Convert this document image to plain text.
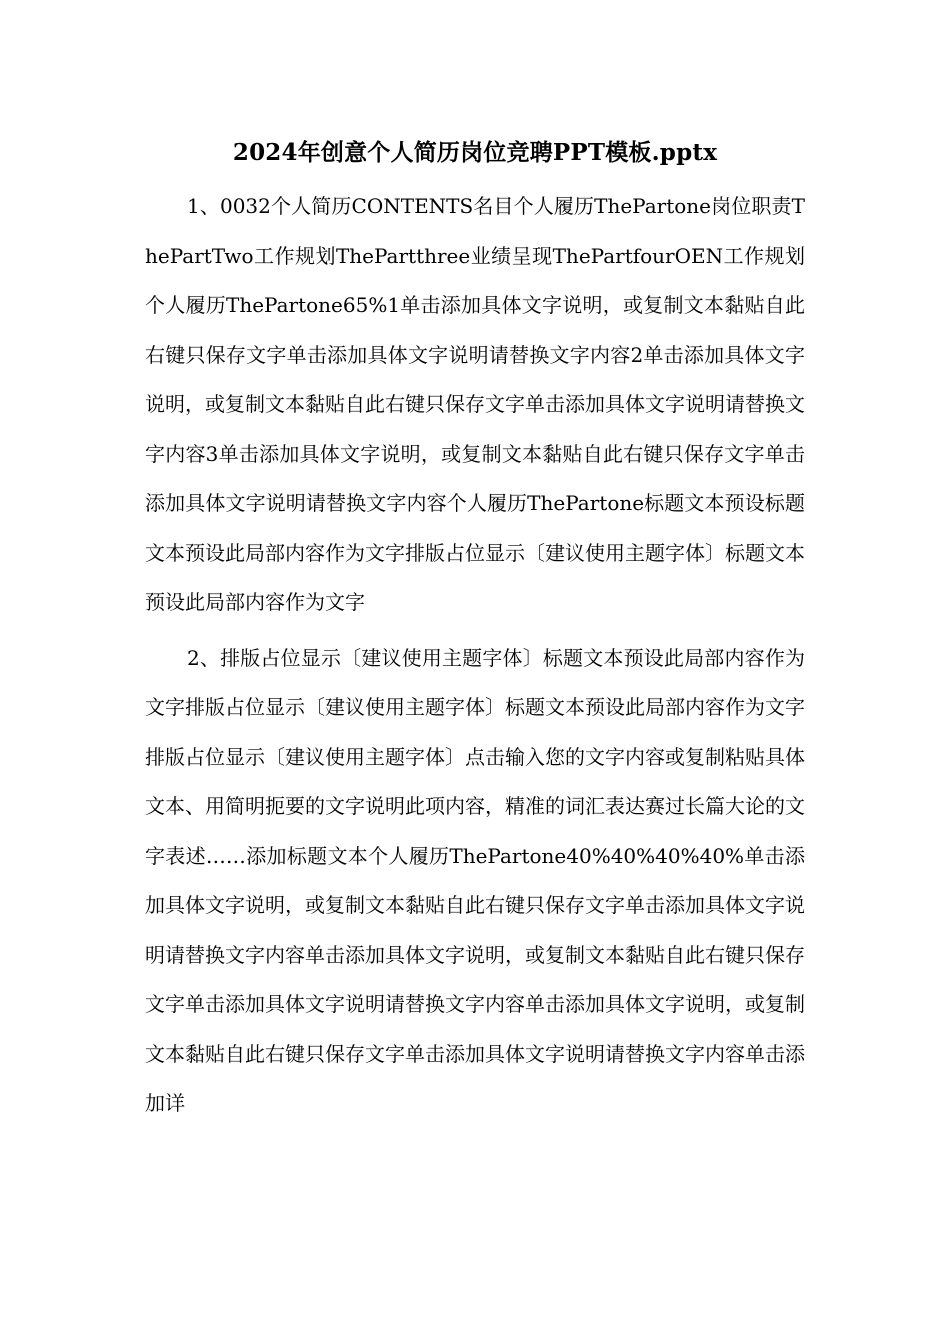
2024年创意个人简历岗位竞聘PPT模板.pptx

1、0032个人简历CONTENTS名目个人履历ThePartone岗位职责ThePartTwo工作规划ThePartthree业绩呈现ThePartfourOEN工作规划个人履历ThePartone65%1单击添加具体文字说明，或复制文本黏贴自此右键只保存文字单击添加具体文字说明请替换文字内容2单击添加具体文字说明，或复制文本黏贴自此右键只保存文字单击添加具体文字说明请替换文字内容3单击添加具体文字说明，或复制文本黏贴自此右键只保存文字单击添加具体文字说明请替换文字内容个人履历ThePartone标题文本预设标题文本预设此局部内容作为文字排版占位显示〔建议使用主题字体〕标题文本预设此局部内容作为文字

2、排版占位显示〔建议使用主题字体〕标题文本预设此局部内容作为文字排版占位显示〔建议使用主题字体〕标题文本预设此局部内容作为文字排版占位显示〔建议使用主题字体〕点击输入您的文字内容或复制粘贴具体文本、用简明扼要的文字说明此项内容，精准的词汇表达赛过长篇大论的文字表述……添加标题文本个人履历ThePartone40%40%40%40%单击添加具体文字说明，或复制文本黏贴自此右键只保存文字单击添加具体文字说明请替换文字内容单击添加具体文字说明，或复制文本黏贴自此右键只保存文字单击添加具体文字说明请替换文字内容单击添加具体文字说明，或复制文本黏贴自此右键只保存文字单击添加具体文字说明请替换文字内容单击添加详
